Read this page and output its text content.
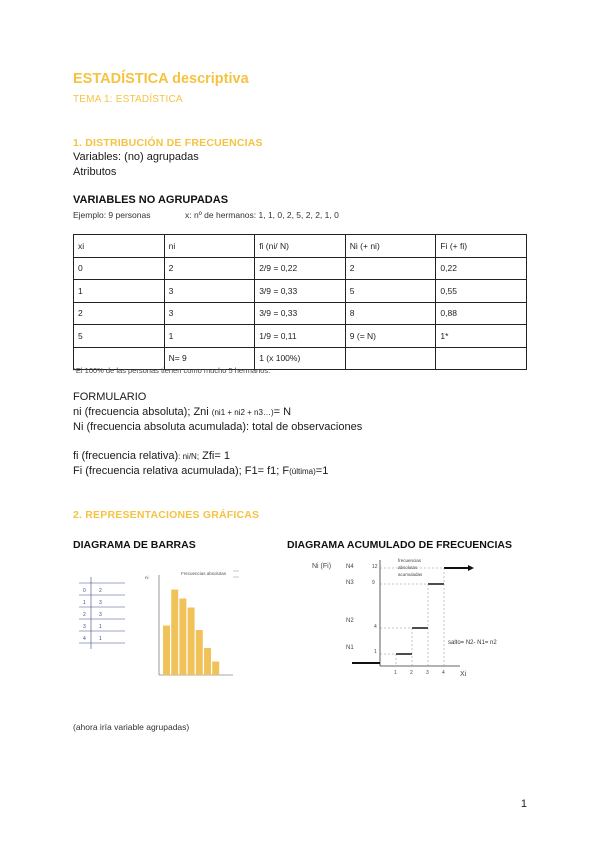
ESTADÍSTICA descriptiva
TEMA 1: ESTADÍSTICA
1. DISTRIBUCIÓN DE FRECUENCIAS
Variables: (no) agrupadas
Atributos
VARIABLES NO AGRUPADAS
Ejemplo: 9 personas	x: nº de hermanos: 1, 1, 0, 2, 5, 2, 2, 1, 0
xi	ni	fi (ni/ N)	Ni (+ ni)	Fi (+ fi)
0	2	2/9 = 0,22	2	0,22
1	3	3/9 = 0,33	5	0,55
2	3	3/9 = 0,33	8	0,88
5	1	1/9 = 0,11	9 (= N)	1*
	N= 9	1 (x 100%)		
*El 100% de las personas tienen como mucho 5 hermanos.
FORMULARIO
ni (frecuencia absoluta); Zni (ni1 + ni2 + n3…)= N
Ni (frecuencia absoluta acumulada): total de observaciones
fi (frecuencia relativa): ni/N; Zfi= 1
Fi (frecuencia relativa acumulada); F1= f1; F(última)=1
2. REPRESENTACIONES GRÁFICAS
DIAGRAMA DE BARRAS	DIAGRAMA ACUMULADO DE FRECUENCIAS
0	2
1	3
2	3
3	1
4	1
ni
Frecuencias absolutas
Ni (Fi)
frecuencias
absolutas
acumuladas
N4
N3
N2
N1
12
9
4
1
1	2	3	4 Xi
salto= N2- N1= n2
(ahora iría variable agrupadas)
1
